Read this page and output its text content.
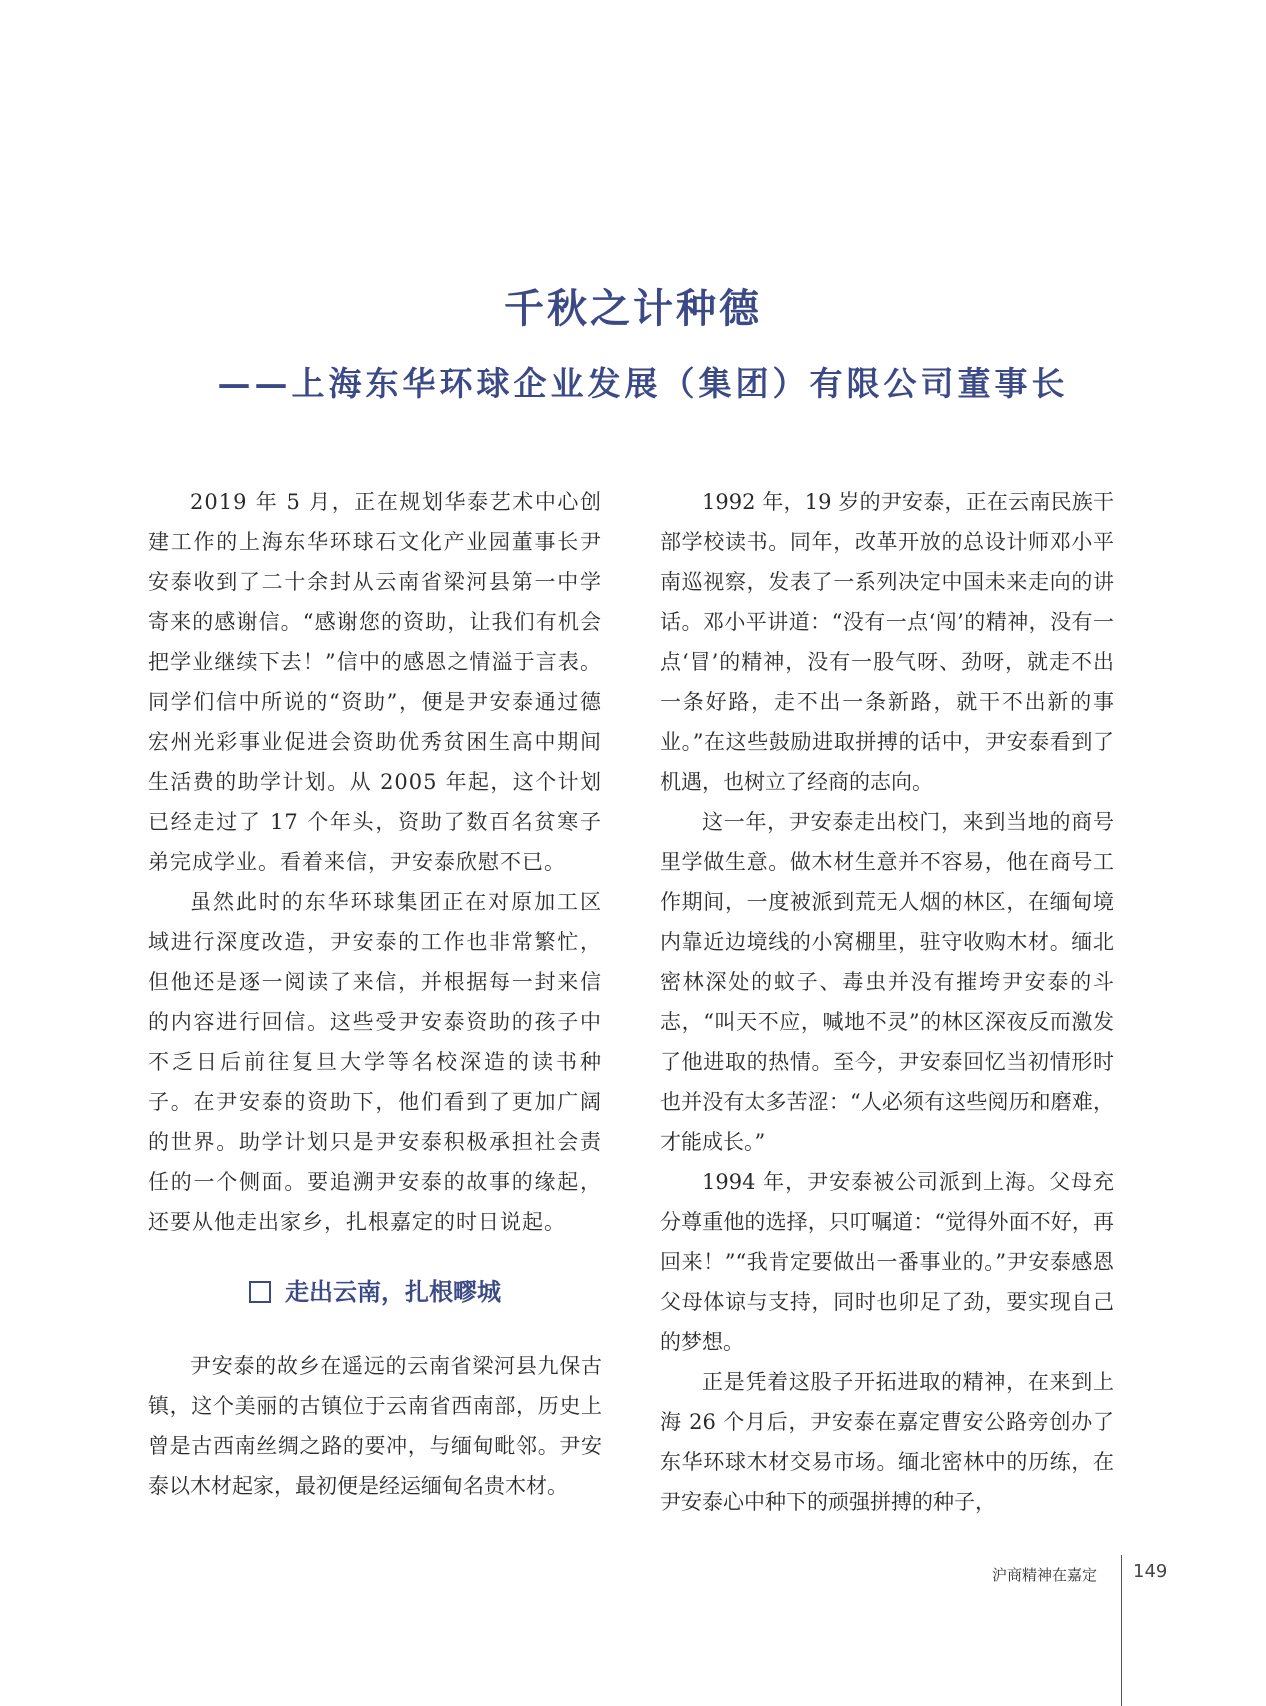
千秋之计种德
——上海东华环球企业发展（集团）有限公司董事长

2019 年 5 月，正在规划华泰艺术中心创建工作的上海东华环球石文化产业园董事长尹安泰收到了二十余封从云南省梁河县第一中学寄来的感谢信。“感谢您的资助，让我们有机会把学业继续下去！”信中的感恩之情溢于言表。同学们信中所说的“资助”，便是尹安泰通过德宏州光彩事业促进会资助优秀贫困生高中期间生活费的助学计划。从 2005 年起，这个计划已经走过了 17 个年头，资助了数百名贫寒子弟完成学业。看着来信，尹安泰欣慰不已。

虽然此时的东华环球集团正在对原加工区域进行深度改造，尹安泰的工作也非常繁忙，但他还是逐一阅读了来信，并根据每一封来信的内容进行回信。这些受尹安泰资助的孩子中不乏日后前往复旦大学等名校深造的读书种子。在尹安泰的资助下，他们看到了更加广阔的世界。助学计划只是尹安泰积极承担社会责任的一个侧面。要追溯尹安泰的故事的缘起，还要从他走出家乡，扎根嘉定的时日说起。

走出云南，扎根疁城

尹安泰的故乡在遥远的云南省梁河县九保古镇，这个美丽的古镇位于云南省西南部，历史上曾是古西南丝绸之路的要冲，与缅甸毗邻。尹安泰以木材起家，最初便是经运缅甸名贵木材。

1992 年，19 岁的尹安泰，正在云南民族干部学校读书。同年，改革开放的总设计师邓小平南巡视察，发表了一系列决定中国未来走向的讲话。邓小平讲道：“没有一点‘闯’的精神，没有一点‘冒’的精神，没有一股气呀、劲呀，就走不出一条好路，走不出一条新路，就干不出新的事业。”在这些鼓励进取拼搏的话中，尹安泰看到了机遇，也树立了经商的志向。

这一年，尹安泰走出校门，来到当地的商号里学做生意。做木材生意并不容易，他在商号工作期间，一度被派到荒无人烟的林区，在缅甸境内靠近边境线的小窝棚里，驻守收购木材。缅北密林深处的蚊子、毒虫并没有摧垮尹安泰的斗志，“叫天不应，喊地不灵”的林区深夜反而激发了他进取的热情。至今，尹安泰回忆当初情形时也并没有太多苦涩：“人必须有这些阅历和磨难，才能成长。”

1994 年，尹安泰被公司派到上海。父母充分尊重他的选择，只叮嘱道：“觉得外面不好，再回来！”“我肯定要做出一番事业的。”尹安泰感恩父母体谅与支持，同时也卯足了劲，要实现自己的梦想。

正是凭着这股子开拓进取的精神，在来到上海 26 个月后，尹安泰在嘉定曹安公路旁创办了东华环球木材交易市场。缅北密林中的历练，在尹安泰心中种下的顽强拼搏的种子，

沪商精神在嘉定 149
